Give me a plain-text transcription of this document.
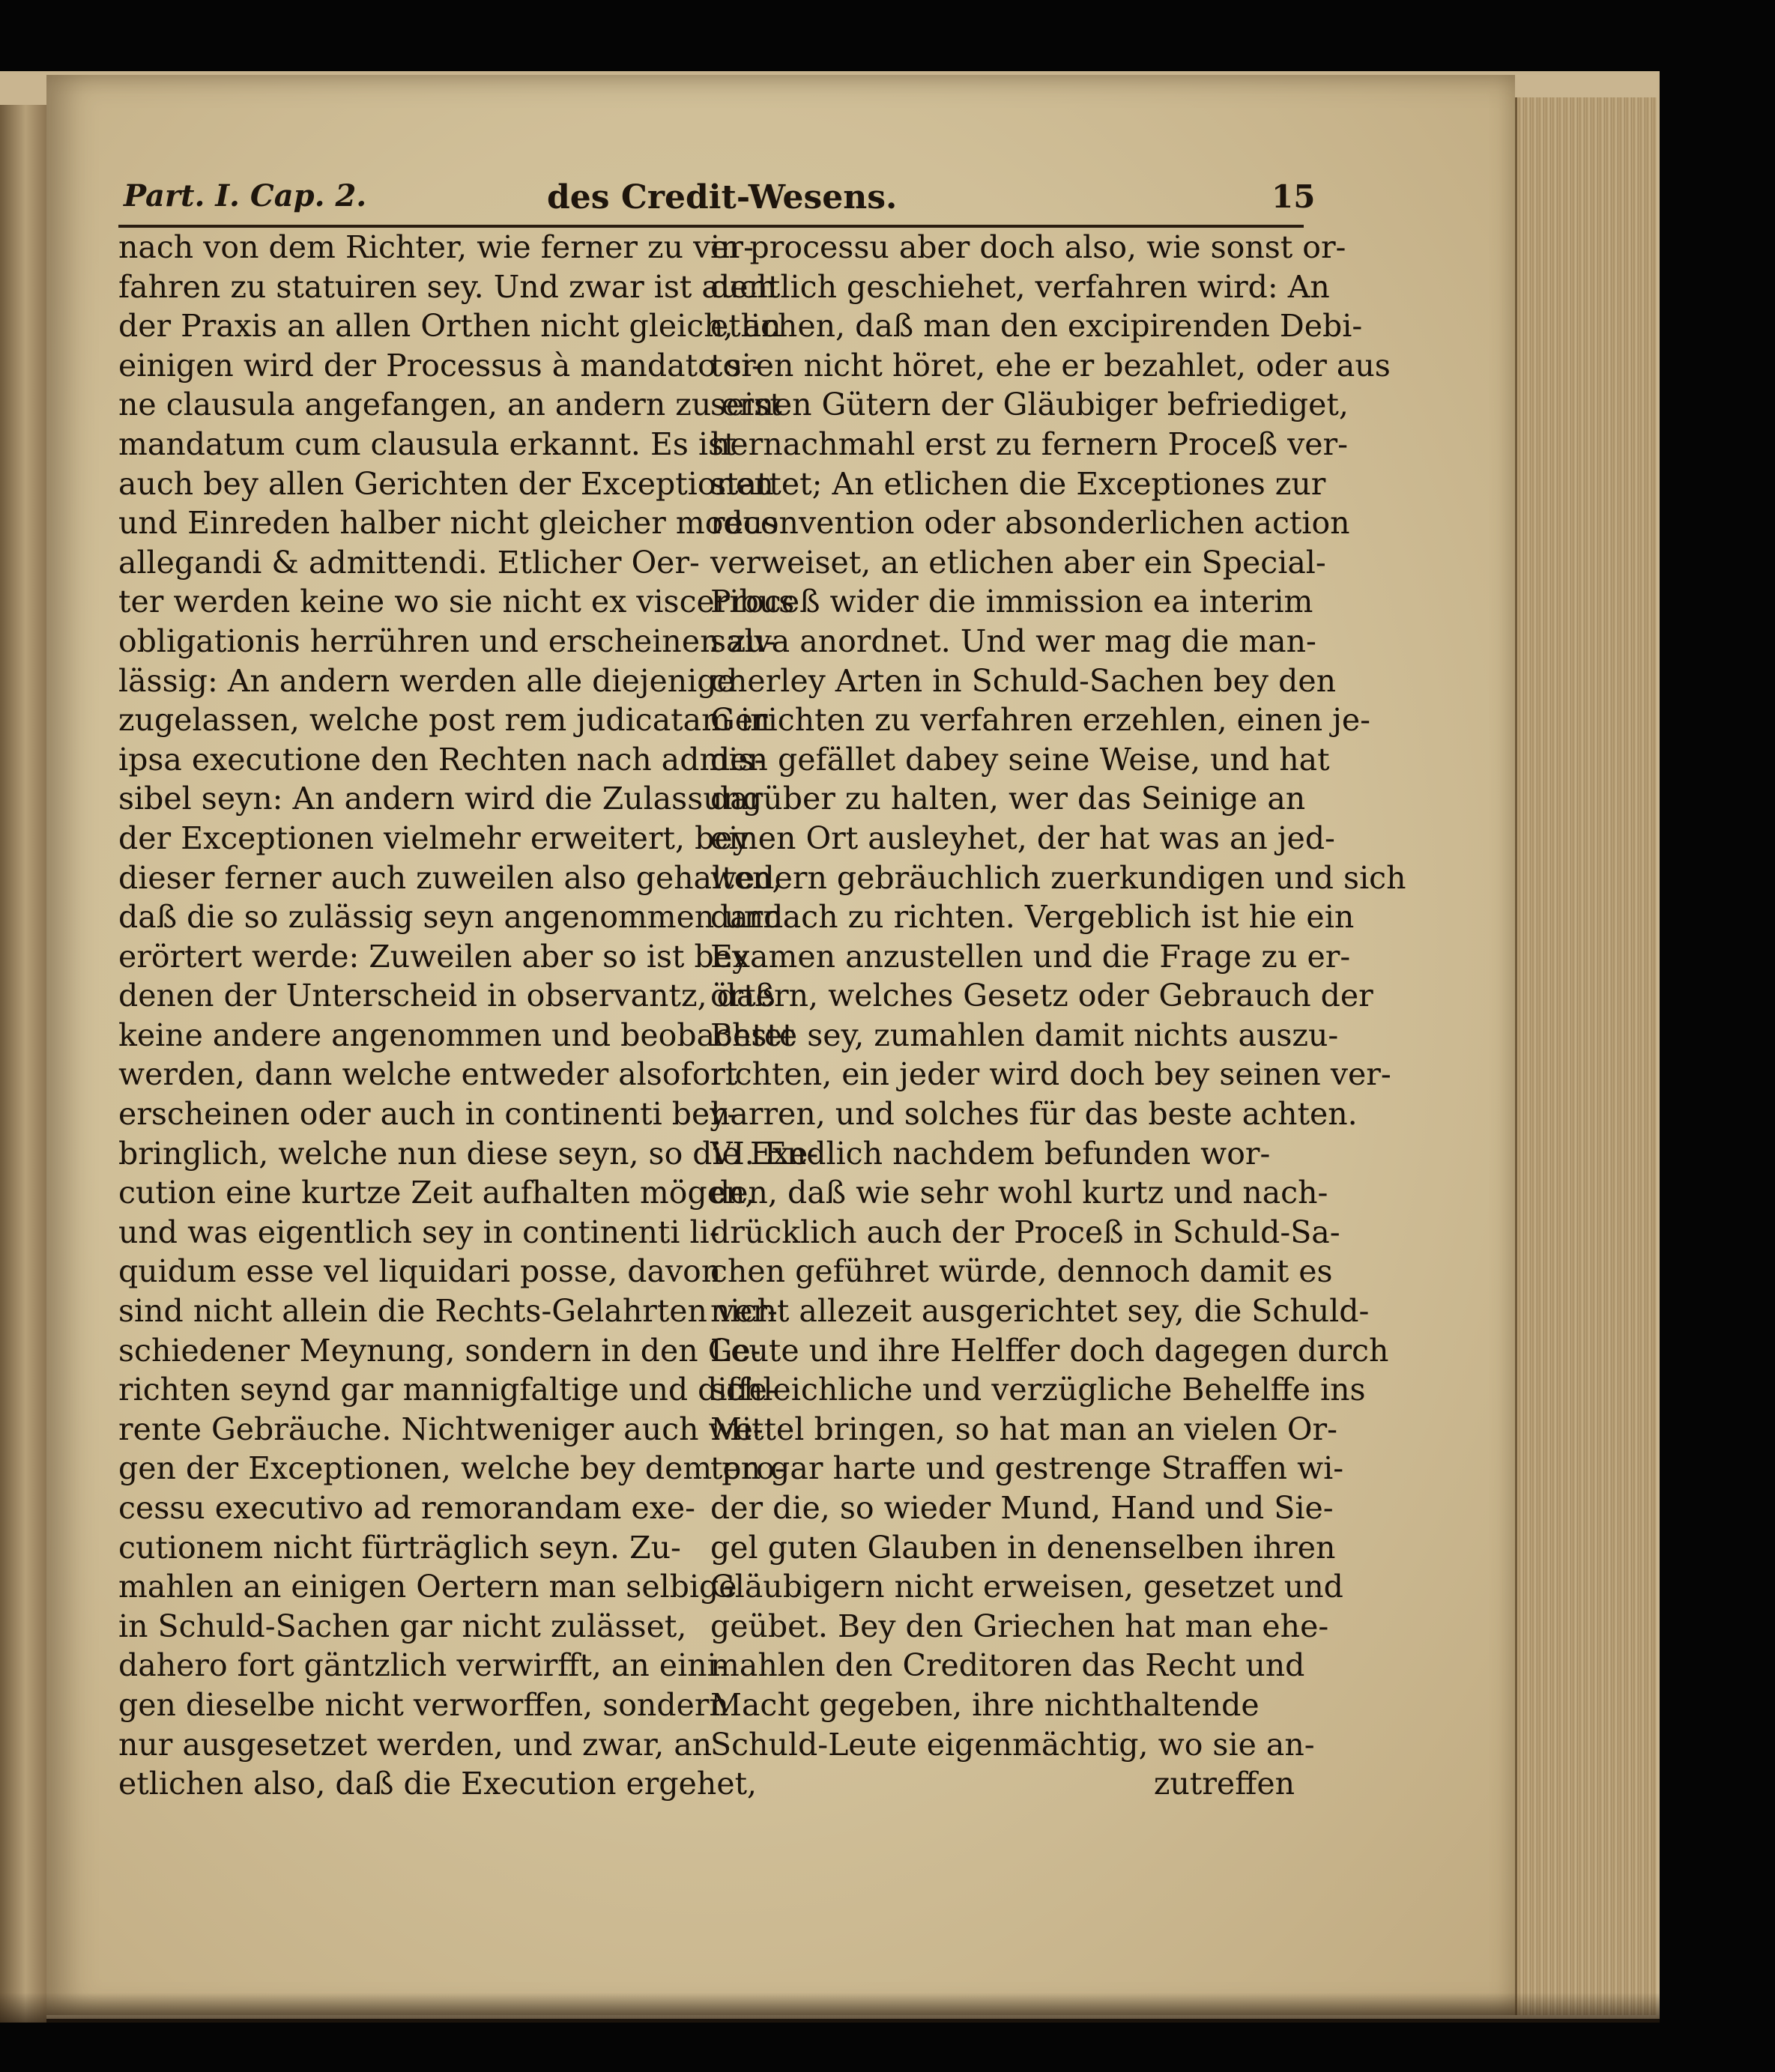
Part. I. Cap. 2.	des Credit-Wesens.	15
nach von dem Richter, wie ferner zu ver-
fahren zu statuiren sey. Und zwar ist auch
der Praxis an allen Orthen nicht gleich, an
einigen wird der Processus à mandato si-
ne clausula angefangen, an andern zu erst
mandatum cum clausula erkannt. Es ist
auch bey allen Gerichten der Exceptionen
und Einreden halber nicht gleicher modus
allegandi & admittendi. Etlicher Oer-
ter werden keine wo sie nicht ex visceribus
obligationis herrühren und erscheinen zu-
lässig: An andern werden alle diejenige
zugelassen, welche post rem judicatam in
ipsa executione den Rechten nach admis-
sibel seyn: An andern wird die Zulassung
der Exceptionen vielmehr erweitert, bey
dieser ferner auch zuweilen also gehalten,
daß die so zulässig seyn angenommen und
erörtert werde: Zuweilen aber so ist bey
denen der Unterscheid in observantz, daß
keine andere angenommen und beobachtet
werden, dann welche entweder alsofort
erscheinen oder auch in continenti bey-
bringlich, welche nun diese seyn, so die Exe-
cution eine kurtze Zeit aufhalten mögen,
und was eigentlich sey in continenti li-
quidum esse vel liquidari posse, davon
sind nicht allein die Rechts-Gelahrten ver-
schiedener Meynung, sondern in den Ge-
richten seynd gar mannigfaltige und diffe-
rente Gebräuche. Nichtweniger auch we-
gen der Exceptionen, welche bey dem pro-
cessu executivo ad remorandam exe-
cutionem nicht fürträglich seyn. Zu-
mahlen an einigen Oertern man selbige
in Schuld-Sachen gar nicht zulässet,
dahero fort gäntzlich verwirfft, an eini-
gen dieselbe nicht verworffen, sondern
nur ausgesetzet werden, und zwar, an
etlichen also, daß die Execution ergehet,
in processu aber doch also, wie sonst or-
dentlich geschiehet, verfahren wird: An
etlichen, daß man den excipirenden Debi-
toren nicht höret, ehe er bezahlet, oder aus
seinen Gütern der Gläubiger befriediget,
hernachmahl erst zu fernern Proceß ver-
stattet; An etlichen die Exceptiones zur
reconvention oder absonderlichen action
verweiset, an etlichen aber ein Special-
Proceß wider die immission ea interim
salva anordnet. Und wer mag die man-
cherley Arten in Schuld-Sachen bey den
Gerichten zu verfahren erzehlen, einen je-
den gefället dabey seine Weise, und hat
darüber zu halten, wer das Seinige an
einen Ort ausleyhet, der hat was an jed-
wedern gebräuchlich zuerkundigen und sich
darnach zu richten. Vergeblich ist hie ein
Examen anzustellen und die Frage zu er-
örtern, welches Gesetz oder Gebrauch der
Beste sey, zumahlen damit nichts auszu-
richten, ein jeder wird doch bey seinen ver-
harren, und solches für das beste achten.
VI. Endlich nachdem befunden wor-
den, daß wie sehr wohl kurtz und nach-
drücklich auch der Proceß in Schuld-Sa-
chen geführet würde, dennoch damit es
nicht allezeit ausgerichtet sey, die Schuld-
Leute und ihre Helffer doch dagegen durch
schleichliche und verzügliche Behelffe ins
Mittel bringen, so hat man an vielen Or-
ten gar harte und gestrenge Straffen wi-
der die, so wieder Mund, Hand und Sie-
gel guten Glauben in denenselben ihren
Gläubigern nicht erweisen, gesetzet und
geübet. Bey den Griechen hat man ehe-
mahlen den Creditoren das Recht und
Macht gegeben, ihre nichthaltende
Schuld-Leute eigenmächtig, wo sie an-
zutreffen
